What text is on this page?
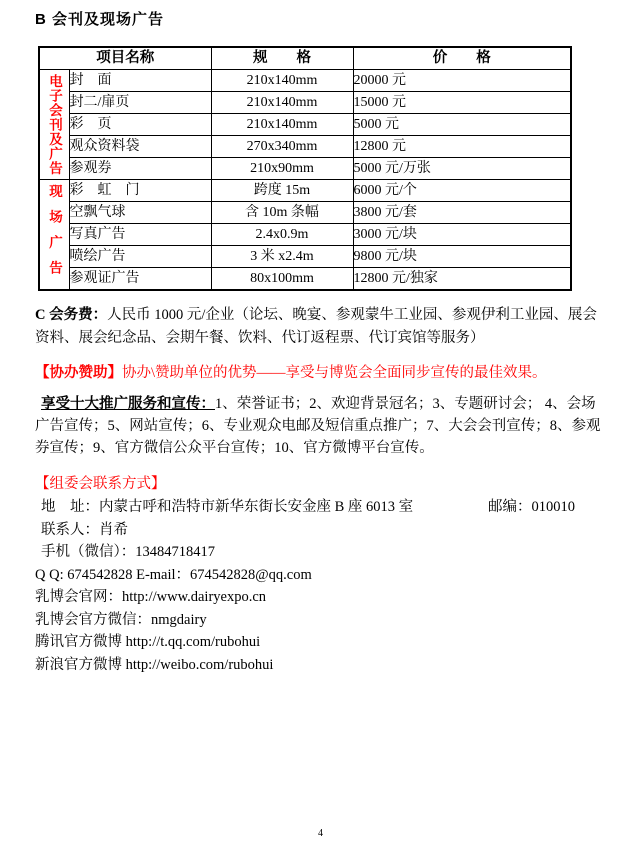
B 会刊及现场广告
项目名称		规　　格	价　　格

电子会刊及广告	封　面	210x140mm	20000 元
	封二/扉页	210x140mm	15000 元
	彩　页	210x140mm	5000 元
	观众资料袋	270x340mm	12800 元
	参观券	210x90mm	5000 元/万张

现场广告	彩　虹　门	跨度 15m	6000 元/个
	空飘气球	含 10m 条幅	3800 元/套
	写真广告	2.4x0.9m	3000 元/块
	喷绘广告	3 米 x2.4m	9800 元/块
	参观证广告	80x100mm	12800 元/独家
C 会务费：人民币 1000 元/企业（论坛、晚宴、参观蒙牛工业园、参观伊利工业园、展会资料、展会纪念品、会期午餐、饮料、代订返程票、代订宾馆等服务）
【协办赞助】协办\赞助单位的优势——享受与博览会全面同步宣传的最佳效果。
享受十大推广服务和宣传：1、荣誉证书；2、欢迎背景冠名；3、专题研讨会； 4、会场广告宣传；5、网站宣传；6、专业观众电邮及短信重点推广；7、大会会刊宣传；8、参观券宣传；9、官方微信公众平台宣传；10、官方微博平台宣传。
【组委会联系方式】
地　址：内蒙古呼和浩特市新华东街长安金座 B 座 6013 室	邮编：010010
联系人：肖希
手机（微信）：13484718417
Q Q: 674542828 E-mail：674542828@qq.com
乳博会官网：http://www.dairyexpo.cn
乳博会官方微信：nmgdairy
腾讯官方微博 http://t.qq.com/rubohui
新浪官方微博 http://weibo.com/rubohui
4
